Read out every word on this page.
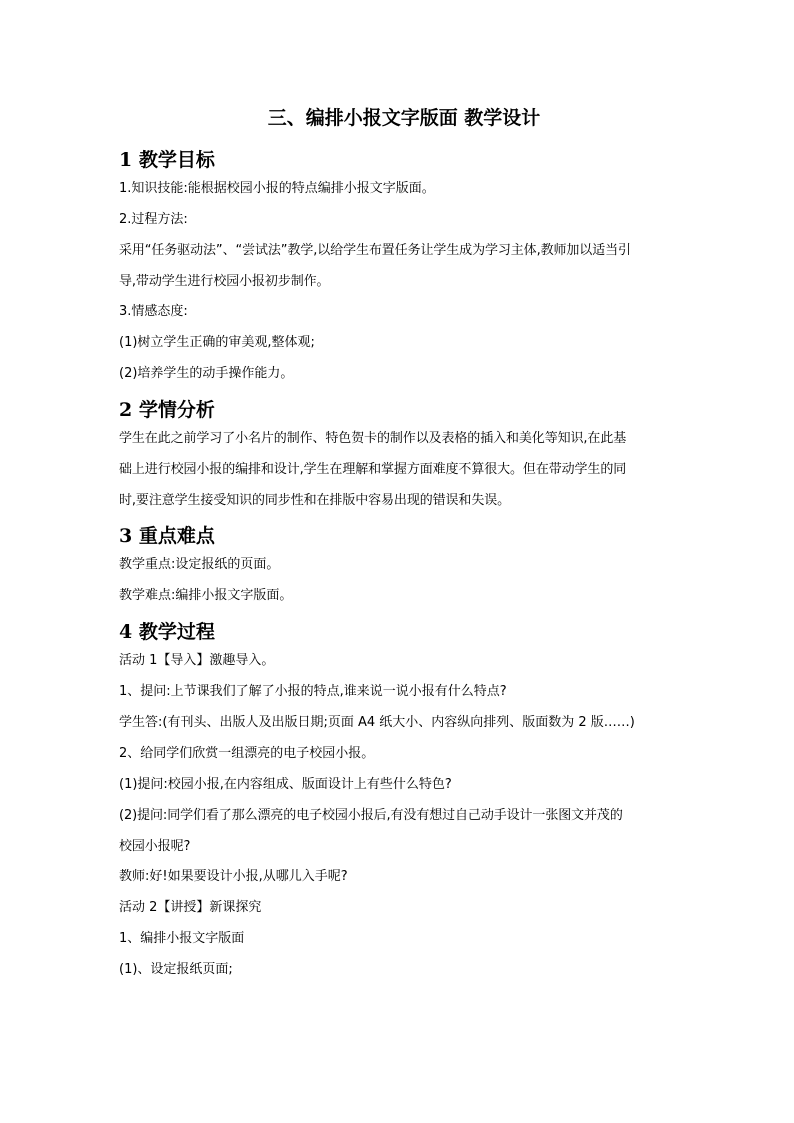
三、编排小报文字版面 教学设计
1 教学目标
1.知识技能:能根据校园小报的特点编排小报文字版面。
2.过程方法:
采用“任务驱动法”、“尝试法”教学,以给学生布置任务让学生成为学习主体,教师加以适当引
导,带动学生进行校园小报初步制作。
3.情感态度:
(1)树立学生正确的审美观,整体观;
(2)培养学生的动手操作能力。
2 学情分析
学生在此之前学习了小名片的制作、特色贺卡的制作以及表格的插入和美化等知识,在此基
础上进行校园小报的编排和设计,学生在理解和掌握方面难度不算很大。但在带动学生的同
时,要注意学生接受知识的同步性和在排版中容易出现的错误和失误。
3 重点难点
教学重点:设定报纸的页面。
教学难点:编排小报文字版面。
4 教学过程
活动 1【导入】激趣导入。
1、提问:上节课我们了解了小报的特点,谁来说一说小报有什么特点?
学生答:(有刊头、出版人及出版日期;页面 A4 纸大小、内容纵向排列、版面数为 2 版……)
2、给同学们欣赏一组漂亮的电子校园小报。
(1)提问:校园小报,在内容组成、版面设计上有些什么特色?
(2)提问:同学们看了那么漂亮的电子校园小报后,有没有想过自己动手设计一张图文并茂的
校园小报呢?
教师:好!如果要设计小报,从哪儿入手呢?
活动 2【讲授】新课探究
1、编排小报文字版面
(1)、设定报纸页面;
